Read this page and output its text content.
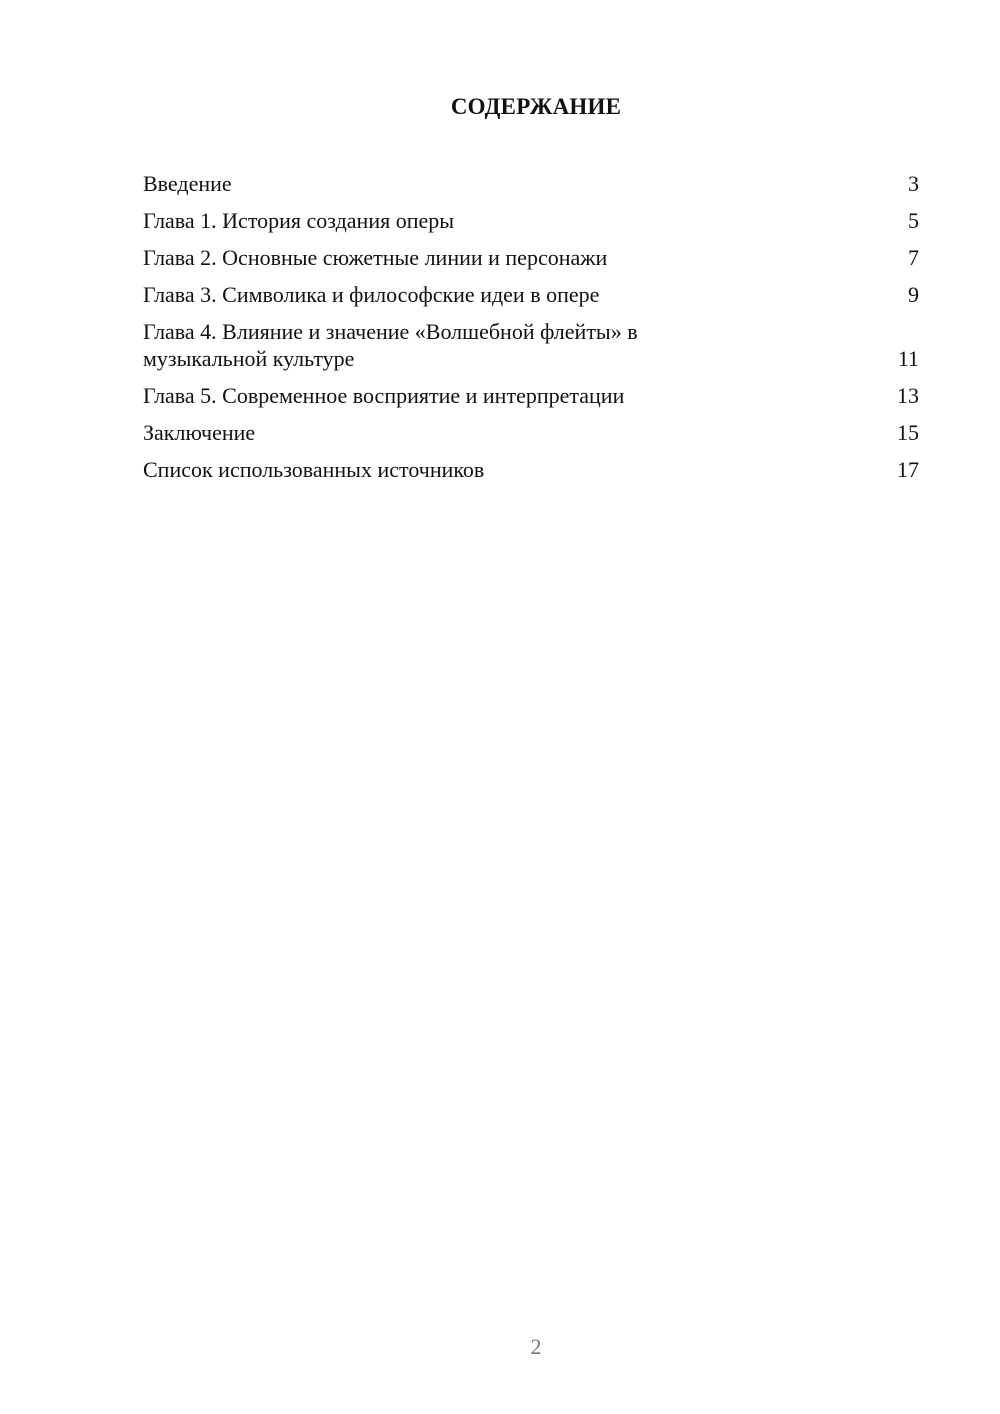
СОДЕРЖАНИЕ
Введение	3
Глава 1. История создания оперы	5
Глава 2. Основные сюжетные линии и персонажи	7
Глава 3. Символика и философские идеи в опере	9
Глава 4. Влияние и значение «Волшебной флейты» в музыкальной культуре	11
Глава 5. Современное восприятие и интерпретации	13
Заключение	15
Список использованных источников	17
2
